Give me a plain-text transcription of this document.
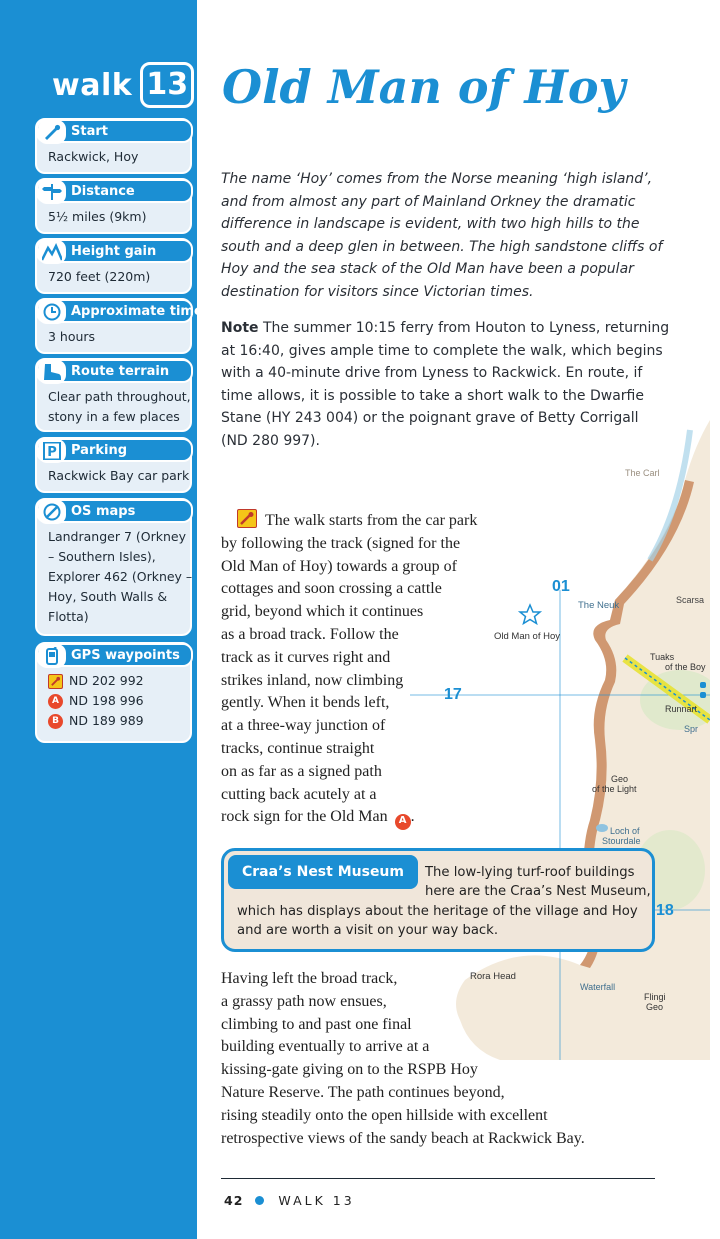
walk 13
Start
Rackwick, Hoy
Distance
5½ miles (9km)
Height gain
720 feet (220m)
Approximate time
3 hours
Route terrain
Clear path throughout,
stony in a few places
P Parking
Rackwick Bay car park
OS maps
Landranger 7 (Orkney
– Southern Isles),
Explorer 462 (Orkney –
Hoy, South Walls &
Flotta)
GPS waypoints
ND 202 992
A ND 198 996
B ND 189 989
The Carl
01
The Neuk	Scarsa
Old Man of Hoy
Tuaks
of the Boy
17
Runnart
Spr
Geo
of the Light
Loch of
Stourdale
18
Rora Head
Waterfall
Flingi
Geo
Old Man of Hoy
The name ‘Hoy’ comes from the Norse meaning ‘high island’,
and from almost any part of Mainland Orkney the dramatic
difference in landscape is evident, with two high hills to the
south and a deep glen in between. The high sandstone cliffs of
Hoy and the sea stack of the Old Man have been a popular
destination for visitors since Victorian times.
Note The summer 10:15 ferry from Houton to Lyness, returning
at 16:40, gives ample time to complete the walk, which begins
with a 40-minute drive from Lyness to Rackwick. En route, if
time allows, it is possible to take a short walk to the Dwarfie
Stane (HY 243 004) or the poignant grave of Betty Corrigall
(ND 280 997).
The walk starts from the car park
by following the track (signed for the
Old Man of Hoy) towards a group of
cottages and soon crossing a cattle
grid, beyond which it continues
as a broad track. Follow the
track as it curves right and
strikes inland, now climbing
gently. When it bends left,
at a three-way junction of
tracks, continue straight
on as far as a signed path
cutting back acutely at a
rock sign for the Old Man A .
Craa’s Nest Museum	The low-lying turf-roof buildings
here are the Craa’s Nest Museum,
which has displays about the heritage of the village and Hoy
and are worth a visit on your way back.
Having left the broad track,
a grassy path now ensues,
climbing to and past one final
building eventually to arrive at a
kissing-gate giving on to the RSPB Hoy
Nature Reserve. The path continues beyond,
rising steadily onto the open hillside with excellent
retrospective views of the sandy beach at Rackwick Bay.
42	WALK 13
